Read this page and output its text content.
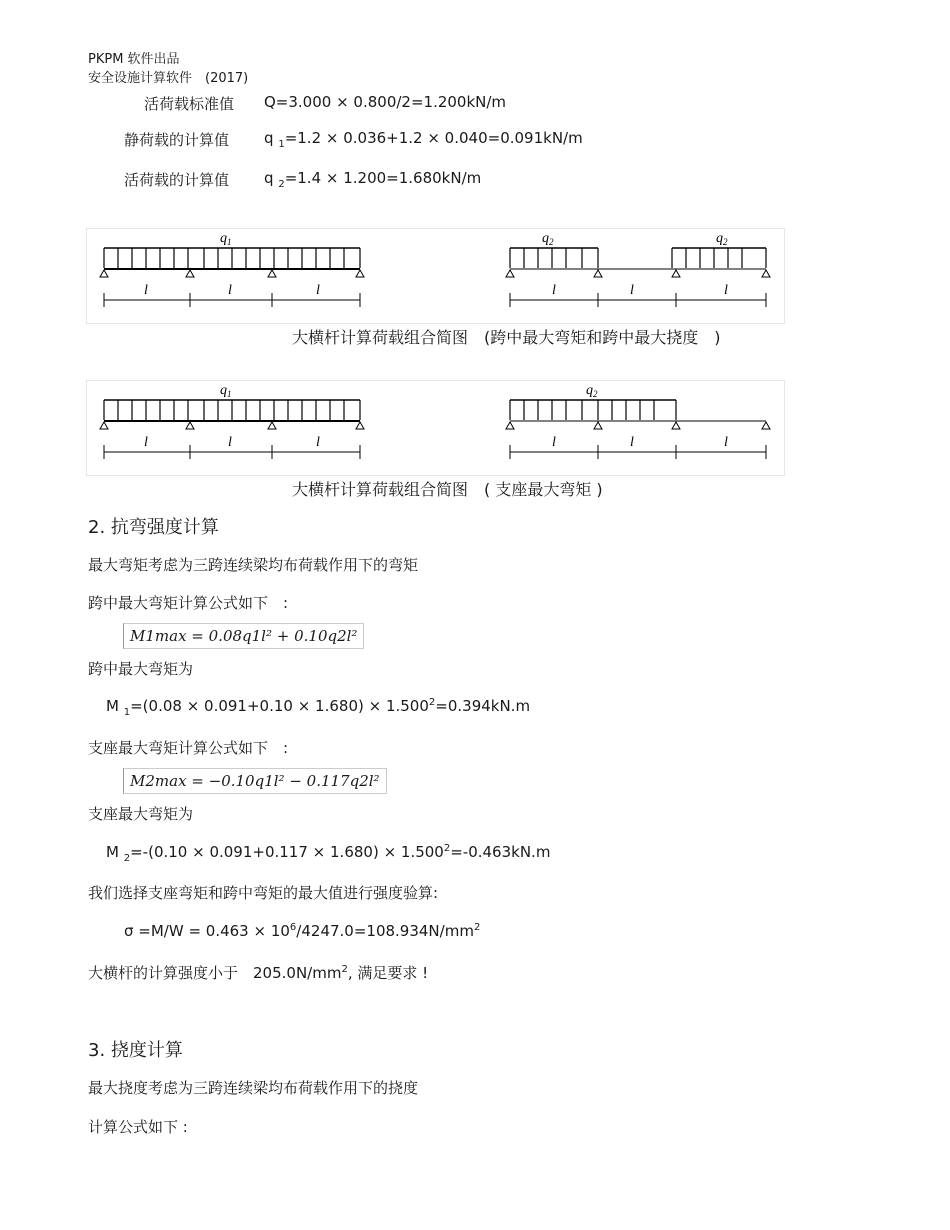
PKPM 软件出品
安全设施计算软件　(2017)
活荷载标准值 Q=3.000 × 0.800/2=1.200kN/m
静荷载的计算值 q $_1$=1.2 × 0.036+1.2 × 0.040=0.091kN/m
活荷载的计算值 q $_2$=1.4 × 1.200=1.680kN/m
$q_1$
l	l	l
$q_2$	$q_2$
l	l	l
大横杆计算荷载组合简图　(跨中最大弯矩和跨中最大挠度　)
$q_1$
l	l	l
$q_2$
l	l	l
大横杆计算荷载组合简图　( 支座最大弯矩 )
2. 抗弯强度计算
最大弯矩考虑为三跨连续梁均布荷载作用下的弯矩
跨中最大弯矩计算公式如下　:
M1max = 0.08q1l² + 0.10q2l²
跨中最大弯矩为
M $_1=(0.08 \times 0.091+0.10 \times 1.680) \times 1.500^2=0.394kN.m$
支座最大弯矩计算公式如下　:
M2max = −0.10q1l² − 0.117q2l²
支座最大弯矩为
M $_2=-(0.10 \times 0.091+0.117 \times 1.680) \times 1.500^2=-0.463kN.m$
我们选择支座弯矩和跨中弯矩的最大值进行强度验算:
$\sigma =M/W = 0.463 \times 10^6/4247.0=108.934N/mm^2$
大横杆的计算强度小于　$205.0N/mm^2$, 满足要求 !
3. 挠度计算
最大挠度考虑为三跨连续梁均布荷载作用下的挠度
计算公式如下 :
